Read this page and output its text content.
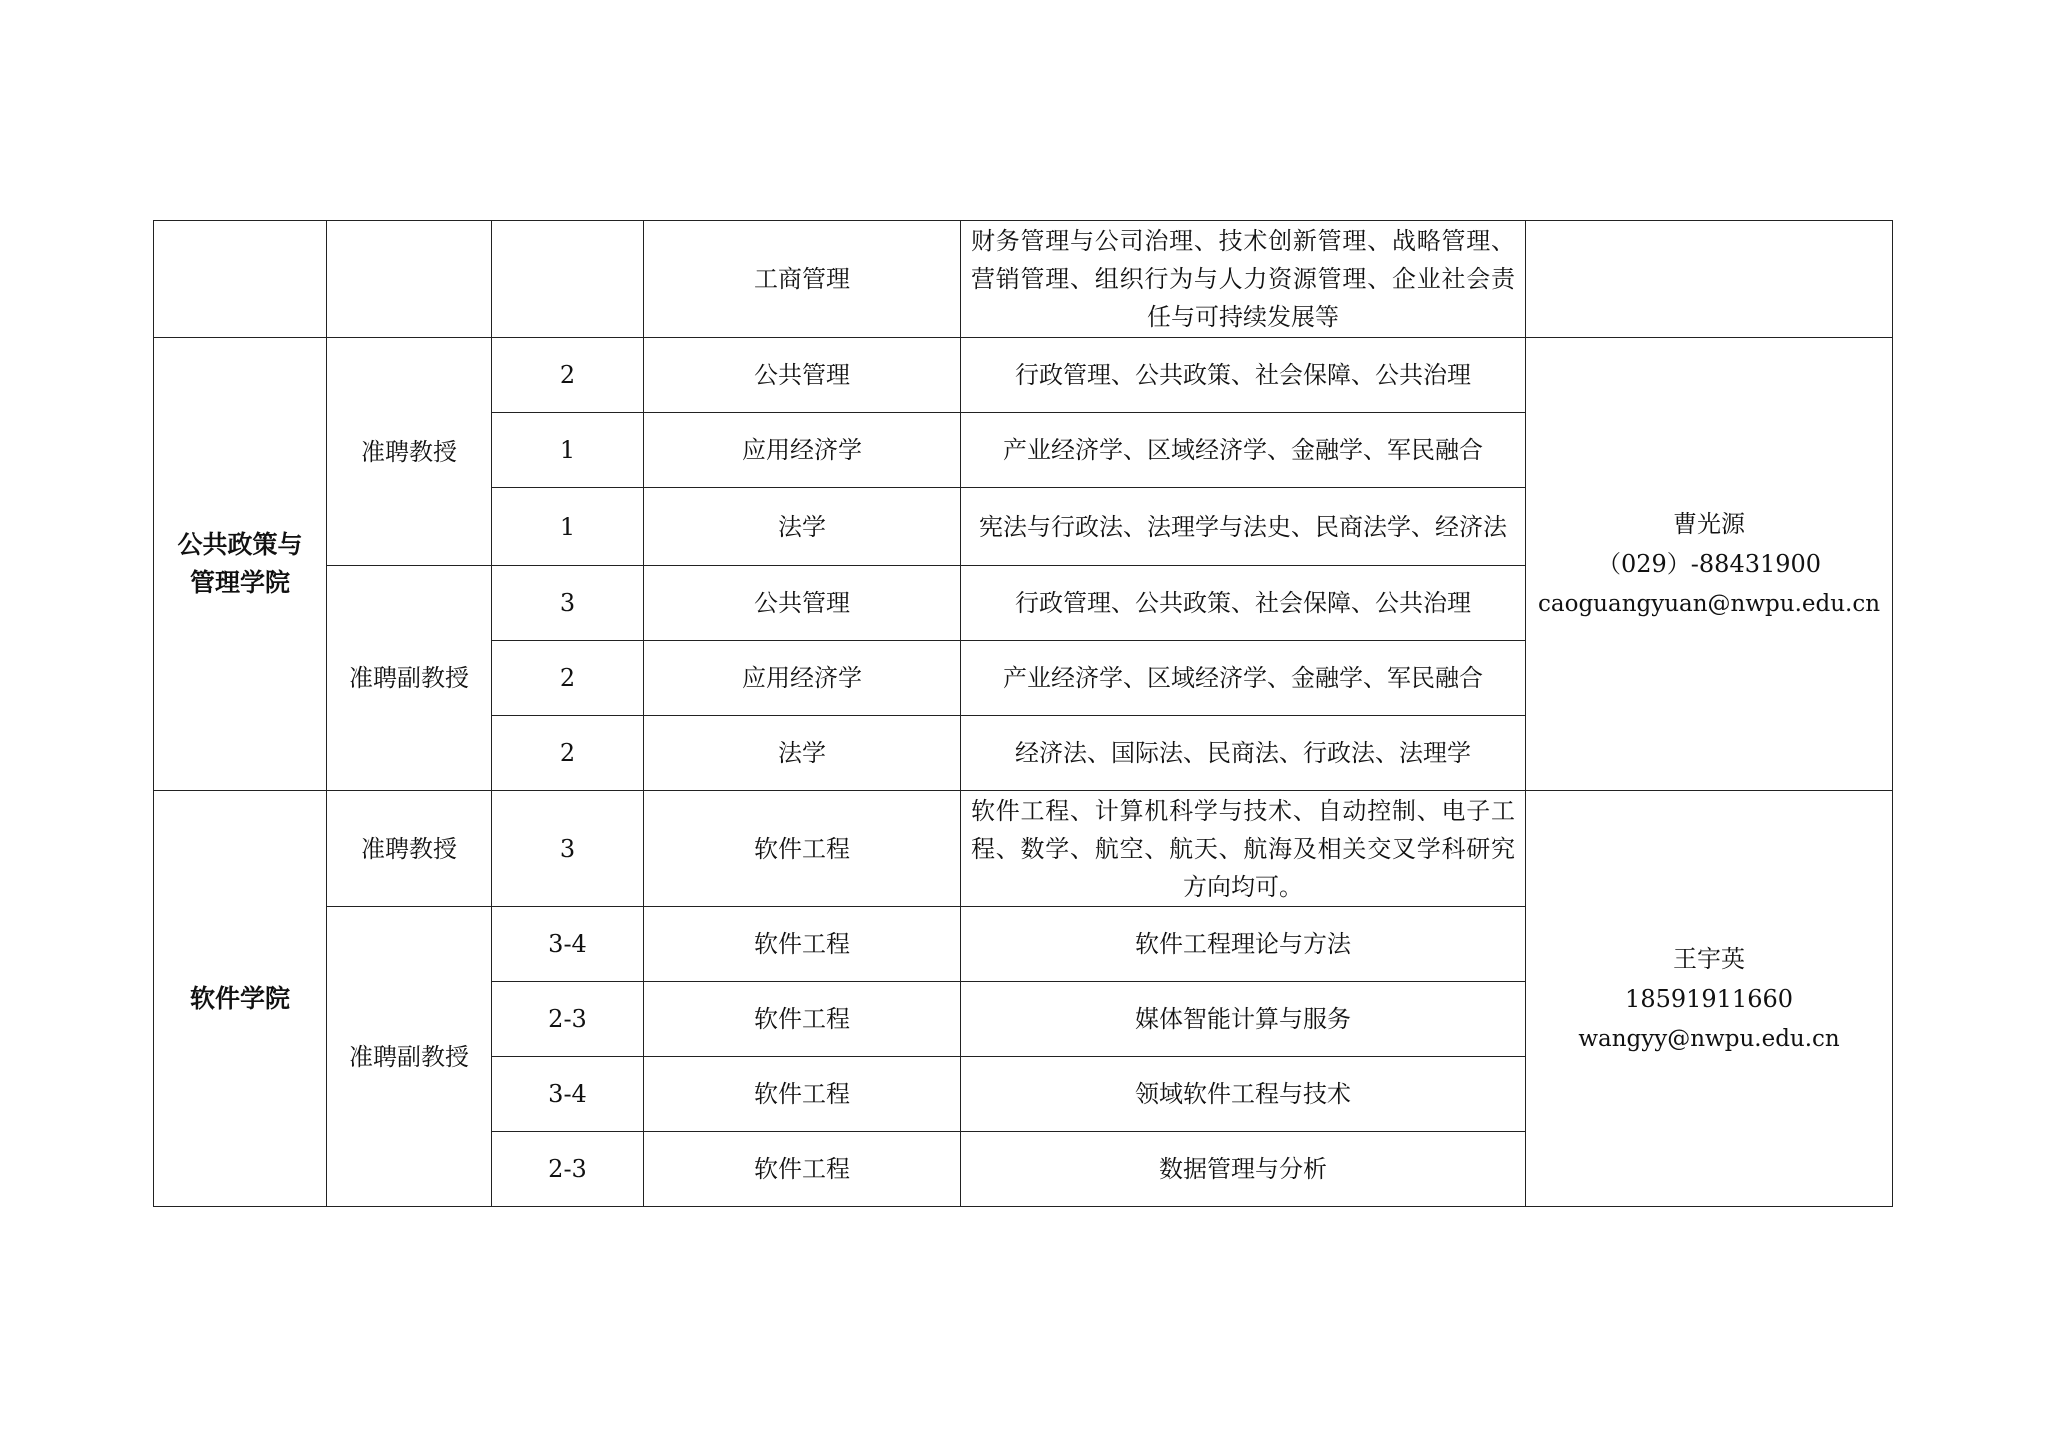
			工商管理	财务管理与公司治理、技术创新管理、战略管理、营销管理、组织行为与人力资源管理、企业社会责任与可持续发展等	
公共政策与管理学院	准聘教授	2	公共管理	行政管理、公共政策、社会保障、公共治理	曹光源
（029）-88431900
caoguangyuan@nwpu.edu.cn

		1	应用经济学	产业经济学、区域经济学、金融学、军民融合	
		1	法学	宪法与行政法、法理学与法史、民商法学、经济法	
	准聘副教授	3	公共管理	行政管理、公共政策、社会保障、公共治理	
		2	应用经济学	产业经济学、区域经济学、金融学、军民融合	
		2	法学	经济法、国际法、民商法、行政法、法理学	
软件学院	准聘教授	3	软件工程	软件工程、计算机科学与技术、自动控制、电子工程、数学、航空、航天、航海及相关交叉学科研究方向均可。	王宇英
18591911660
wangyy@nwpu.edu.cn

	准聘副教授	3-4	软件工程	软件工程理论与方法	
		2-3	软件工程	媒体智能计算与服务	
		3-4	软件工程	领域软件工程与技术	
		2-3	软件工程	数据管理与分析	
